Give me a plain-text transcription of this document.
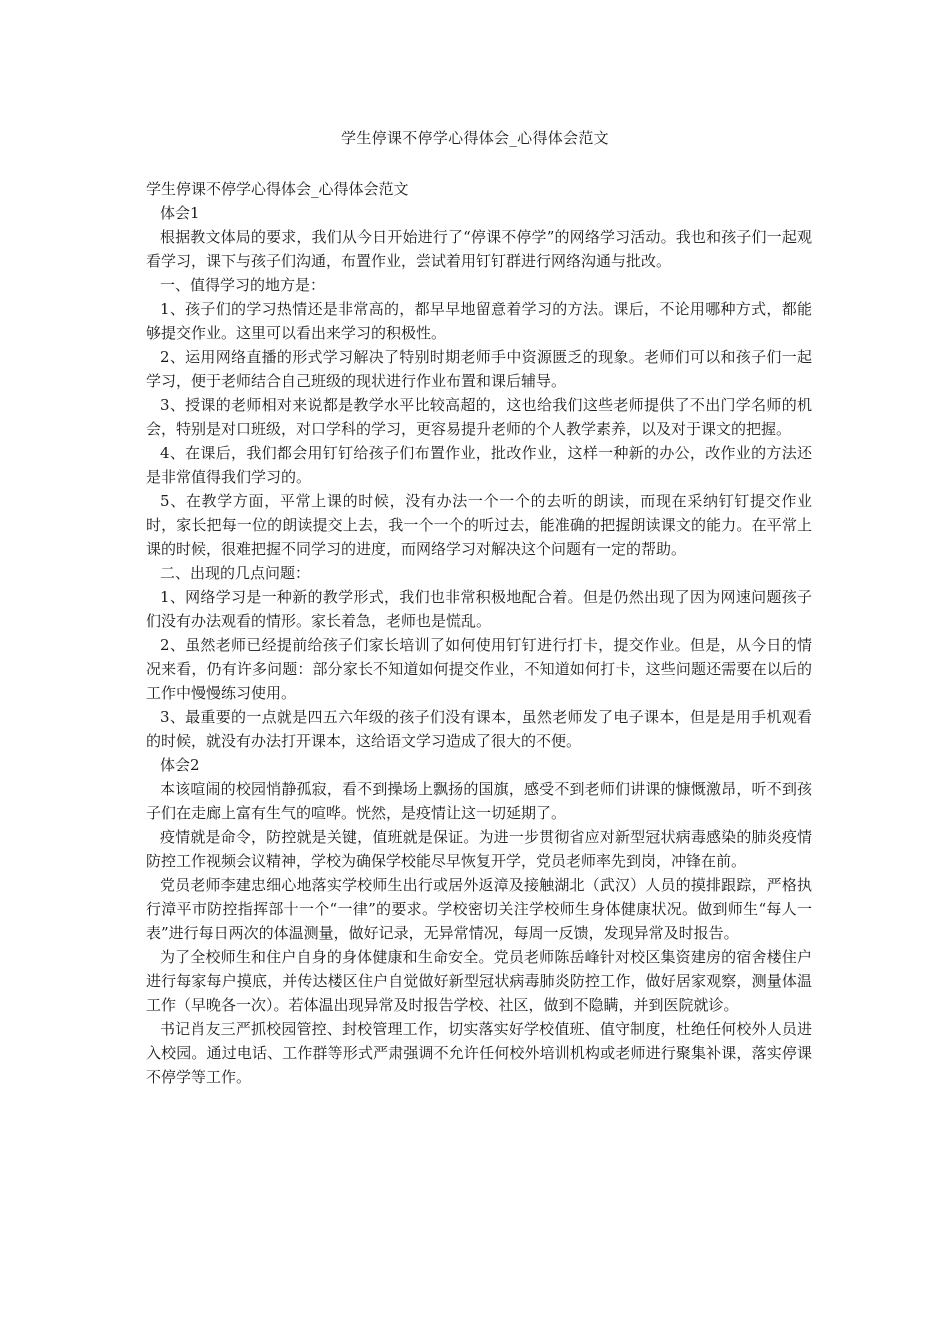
学生停课不停学心得体会_心得体会范文

学生停课不停学心得体会_心得体会范文

体会1

根据教文体局的要求，我们从今日开始进行了“停课不停学”的网络学习活动。我也和孩子们一起观看学习，课下与孩子们沟通，布置作业，尝试着用钉钉群进行网络沟通与批改。

一、值得学习的地方是：

1、孩子们的学习热情还是非常高的，都早早地留意着学习的方法。课后，不论用哪种方式，都能够提交作业。这里可以看出来学习的积极性。

2、运用网络直播的形式学习解决了特别时期老师手中资源匮乏的现象。老师们可以和孩子们一起学习，便于老师结合自己班级的现状进行作业布置和课后辅导。

3、授课的老师相对来说都是教学水平比较高超的，这也给我们这些老师提供了不出门学名师的机会，特别是对口班级，对口学科的学习，更容易提升老师的个人教学素养，以及对于课文的把握。

4、在课后，我们都会用钉钉给孩子们布置作业，批改作业，这样一种新的办公，改作业的方法还是非常值得我们学习的。

5、在教学方面，平常上课的时候，没有办法一个一个的去听的朗读，而现在采纳钉钉提交作业时，家长把每一位的朗读提交上去，我一个一个的听过去，能准确的把握朗读课文的能力。在平常上课的时候，很难把握不同学习的进度，而网络学习对解决这个问题有一定的帮助。

二、出现的几点问题：

1、网络学习是一种新的教学形式，我们也非常积极地配合着。但是仍然出现了因为网速问题孩子们没有办法观看的情形。家长着急，老师也是慌乱。

2、虽然老师已经提前给孩子们家长培训了如何使用钉钉进行打卡，提交作业。但是，从今日的情况来看，仍有许多问题：部分家长不知道如何提交作业，不知道如何打卡，这些问题还需要在以后的工作中慢慢练习使用。

3、最重要的一点就是四五六年级的孩子们没有课本，虽然老师发了电子课本，但是是用手机观看的时候，就没有办法打开课本，这给语文学习造成了很大的不便。

体会2

本该喧闹的校园悄静孤寂，看不到操场上飘扬的国旗，感受不到老师们讲课的慷慨激昂，听不到孩子们在走廊上富有生气的喧哗。恍然，是疫情让这一切延期了。

疫情就是命令，防控就是关键，值班就是保证。为进一步贯彻省应对新型冠状病毒感染的肺炎疫情防控工作视频会议精神，学校为确保学校能尽早恢复开学，党员老师率先到岗，冲锋在前。

党员老师李建忠细心地落实学校师生出行或居外返漳及接触湖北（武汉）人员的摸排跟踪，严格执行漳平市防控指挥部十一个“一律”的要求。学校密切关注学校师生身体健康状况。做到师生“每人一表”进行每日两次的体温测量，做好记录，无异常情况，每周一反馈，发现异常及时报告。

为了全校师生和住户自身的身体健康和生命安全。党员老师陈岳峰针对校区集资建房的宿舍楼住户进行每家每户摸底，并传达楼区住户自觉做好新型冠状病毒肺炎防控工作，做好居家观察，测量体温工作（早晚各一次）。若体温出现异常及时报告学校、社区，做到不隐瞒，并到医院就诊。

书记肖友三严抓校园管控、封校管理工作，切实落实好学校值班、值守制度，杜绝任何校外人员进入校园。通过电话、工作群等形式严肃强调不允许任何校外培训机构或老师进行聚集补课，落实停课不停学等工作。
